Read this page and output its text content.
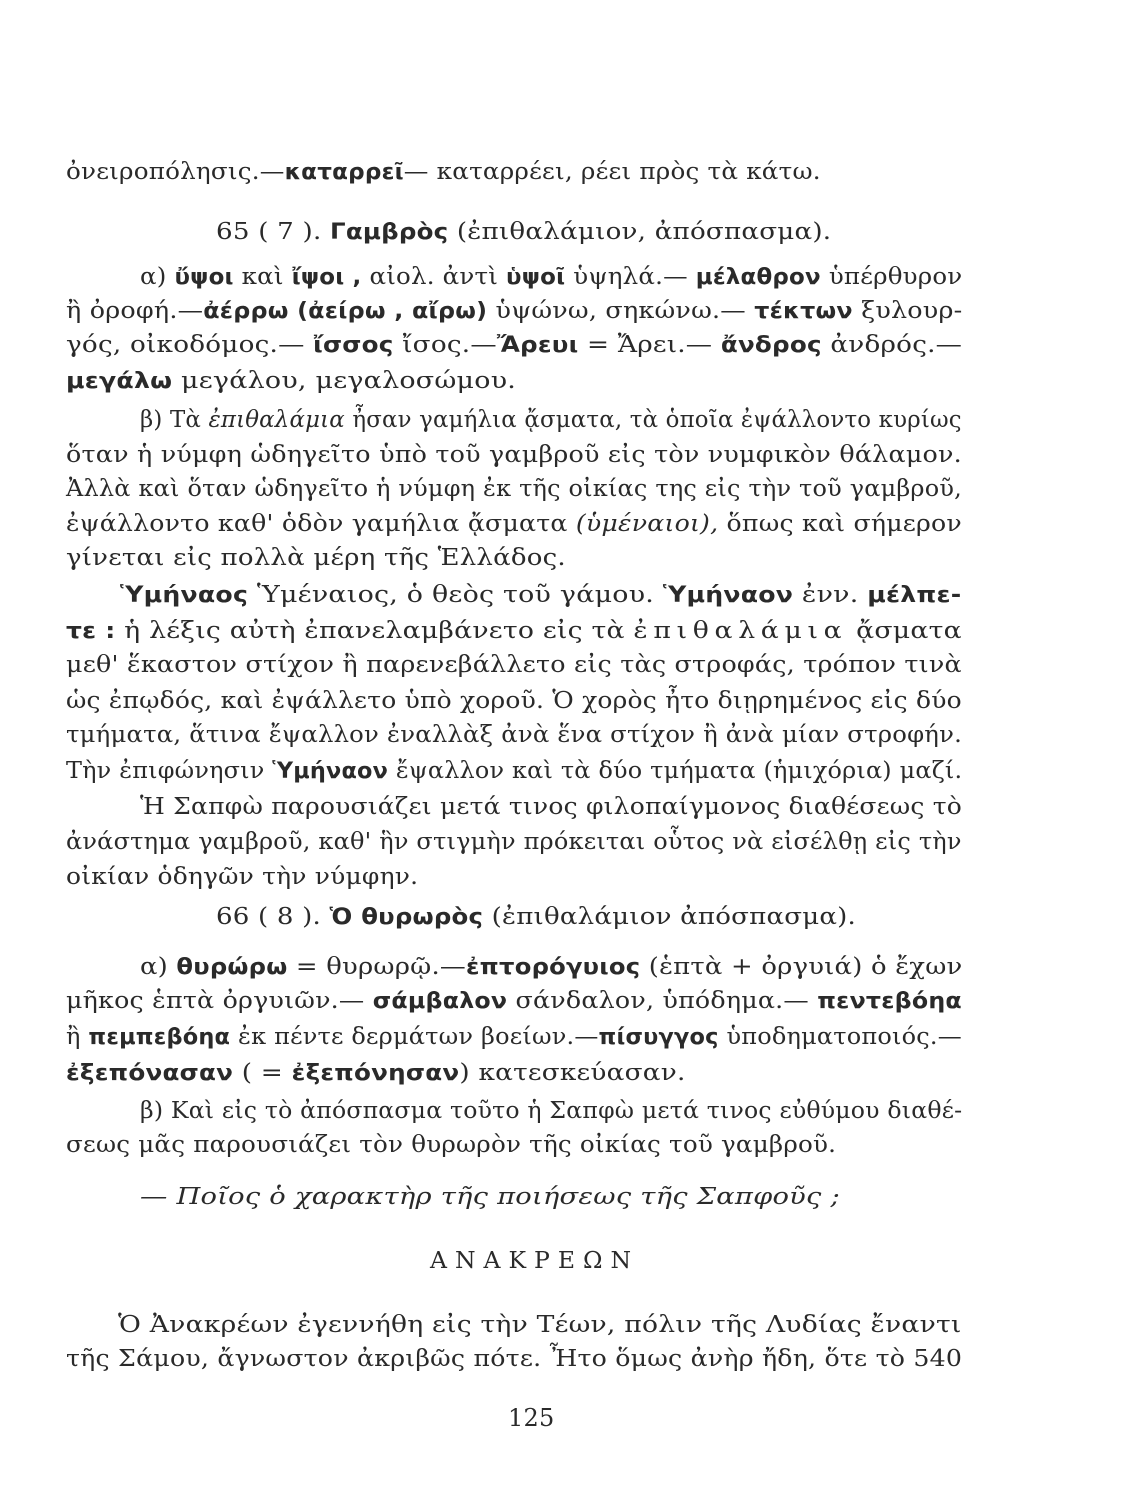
ὀνειροπόλησις.—καταρρεῖ— καταρρέει, ρέει πρὸς τὰ κάτω.

65 ( 7 ). Γαμβρὸς (ἐπιθαλάμιον, ἀπόσπασμα).

α) ὔψοι καὶ ἴψοι , αἰολ. ἀντὶ ὑψοῖ ὑψηλά.— μέλαθρον ὑπέρθυρον

ἢ ὀροφή.—ἀέρρω (ἀείρω , αἴρω) ὑψώνω, σηκώνω.— τέκτων ξυλουρ-

γός, οἰκοδόμος.— ἴσσος ἴσος.—Ἄρευι = Ἄρει.— ἄνδρος ἀνδρός.—

μεγάλω μεγάλου, μεγαλοσώμου.

β) Τὰ ἐπιθαλάμια ἦσαν γαμήλια ᾄσματα, τὰ ὁποῖα ἐψάλλοντο κυρίως

ὅταν ἡ νύμφη ὡδηγεῖτο ὑπὸ τοῦ γαμβροῦ εἰς τὸν νυμφικὸν θάλαμον.

Ἀλλὰ καὶ ὅταν ὡδηγεῖτο ἡ νύμφη ἐκ τῆς οἰκίας της εἰς τὴν τοῦ γαμβροῦ,

ἐψάλλοντο καθ' ὁδὸν γαμήλια ᾄσματα (ὑμέναιοι), ὅπως καὶ σήμερον

γίνεται εἰς πολλὰ μέρη τῆς Ἑλλάδος.

Ὑμήναος Ὑμέναιος, ὁ θεὸς τοῦ γάμου. Ὑμήναον ἐνν. μέλπε-

τε : ἡ λέξις αὐτὴ ἐπανελαμβάνετο εἰς τὰ ἐπιθαλάμια ᾄσματα

μεθ' ἕκαστον στίχον ἢ παρενεβάλλετο εἰς τὰς στροφάς, τρόπον τινὰ

ὡς ἐπῳδός, καὶ ἐψάλλετο ὑπὸ χοροῦ. Ὁ χορὸς ἦτο διῃρημένος εἰς δύο

τμήματα, ἅτινα ἔψαλλον ἐναλλὰξ ἀνὰ ἕνα στίχον ἢ ἀνὰ μίαν στροφήν.

Τὴν ἐπιφώνησιν Ὑμήναον ἔψαλλον καὶ τὰ δύο τμήματα (ἡμιχόρια) μαζί.

Ἡ Σαπφὼ παρουσιάζει μετά τινος φιλοπαίγμονος διαθέσεως τὸ

ἀνάστημα γαμβροῦ, καθ' ἣν στιγμὴν πρόκειται οὗτος νὰ εἰσέλθῃ εἰς τὴν

οἰκίαν ὁδηγῶν τὴν νύμφην.

66 ( 8 ). Ὁ θυρωρὸς (ἐπιθαλάμιον ἀπόσπασμα).

α) θυρώρω = θυρωρῷ.—ἐπτορόγυιος (ἑπτὰ + ὀργυιά) ὁ ἔχων

μῆκος ἑπτὰ ὀργυιῶν.— σάμβαλον σάνδαλον, ὑπόδημα.— πεντεβόηα

ἢ πεμπεβόηα ἐκ πέντε δερμάτων βοείων.—πίσυγγος ὑποδηματοποιός.—

ἐξεπόνασαν ( = ἐξεπόνησαν) κατεσκεύασαν.

β) Καὶ εἰς τὸ ἀπόσπασμα τοῦτο ἡ Σαπφὼ μετά τινος εὐθύμου διαθέ-

σεως μᾶς παρουσιάζει τὸν θυρωρὸν τῆς οἰκίας τοῦ γαμβροῦ.

— Ποῖος ὁ χαρακτὴρ τῆς ποιήσεως τῆς Σαπφοῦς ;

ΑΝΑΚΡΕΩΝ

Ὁ Ἀνακρέων ἐγεννήθη εἰς τὴν Τέων, πόλιν τῆς Λυδίας ἔναντι

τῆς Σάμου, ἄγνωστον ἀκριβῶς πότε. Ἦτο ὅμως ἀνὴρ ἤδη, ὅτε τὸ 540

125
